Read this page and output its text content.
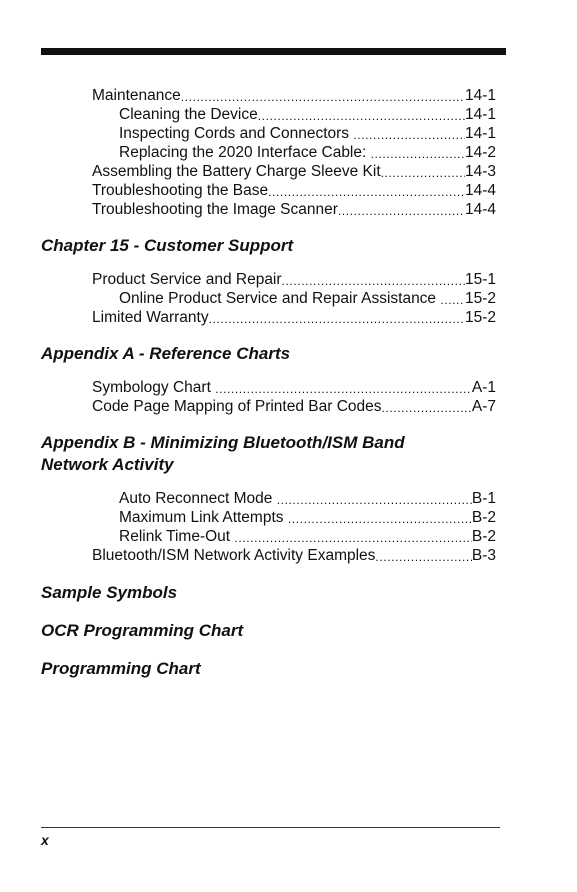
Maintenance .....	14-1
Cleaning the Device .....	14-1
Inspecting Cords and Connectors .....	14-1
Replacing the 2020 Interface Cable: .....	14-2
Assembling the Battery Charge Sleeve Kit .....	14-3
Troubleshooting the Base .....	14-4
Troubleshooting the Image Scanner .....	14-4
Chapter 15 - Customer Support
Product Service and Repair .....	15-1
Online Product Service and Repair Assistance ..... 15-2
Limited Warranty .....	15-2
Appendix A - Reference Charts
Symbology Chart .....	A-1
Code Page Mapping of Printed Bar Codes .....	A-7
Appendix B - Minimizing Bluetooth/ISM Band
Network Activity
Auto Reconnect Mode .....	B-1
Maximum Link Attempts .....	B-2
Relink Time-Out .....	B-2
Bluetooth/ISM Network Activity Examples .....	B-3
Sample Symbols
OCR Programming Chart
Programming Chart
x
